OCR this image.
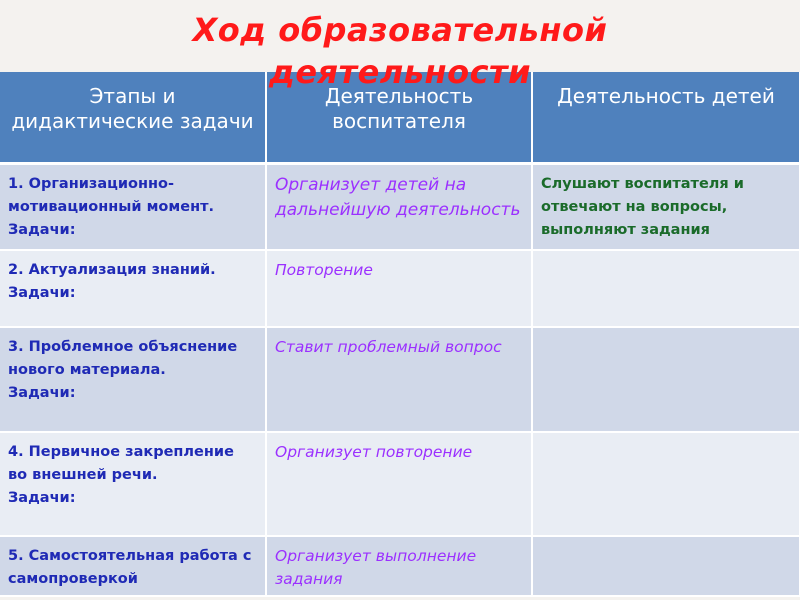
Ход образовательной
деятельности
Этапы и дидактические задачи	Деятельность воспитателя	Деятельность детей
1. Организационно-
мотивационный момент.
Задачи:	Организует детей на дальнейшую деятельность	Слушают воспитателя и отвечают на вопросы, выполняют задания
2. Актуализация знаний.
Задачи:	Повторение	
3. Проблемное объяснение нового материала.
Задачи:	Ставит проблемный вопрос	
4. Первичное закрепление во внешней речи.
Задачи:	Организует повторение	
5. Самостоятельная работа с самопроверкой	Организует выполнение задания	
